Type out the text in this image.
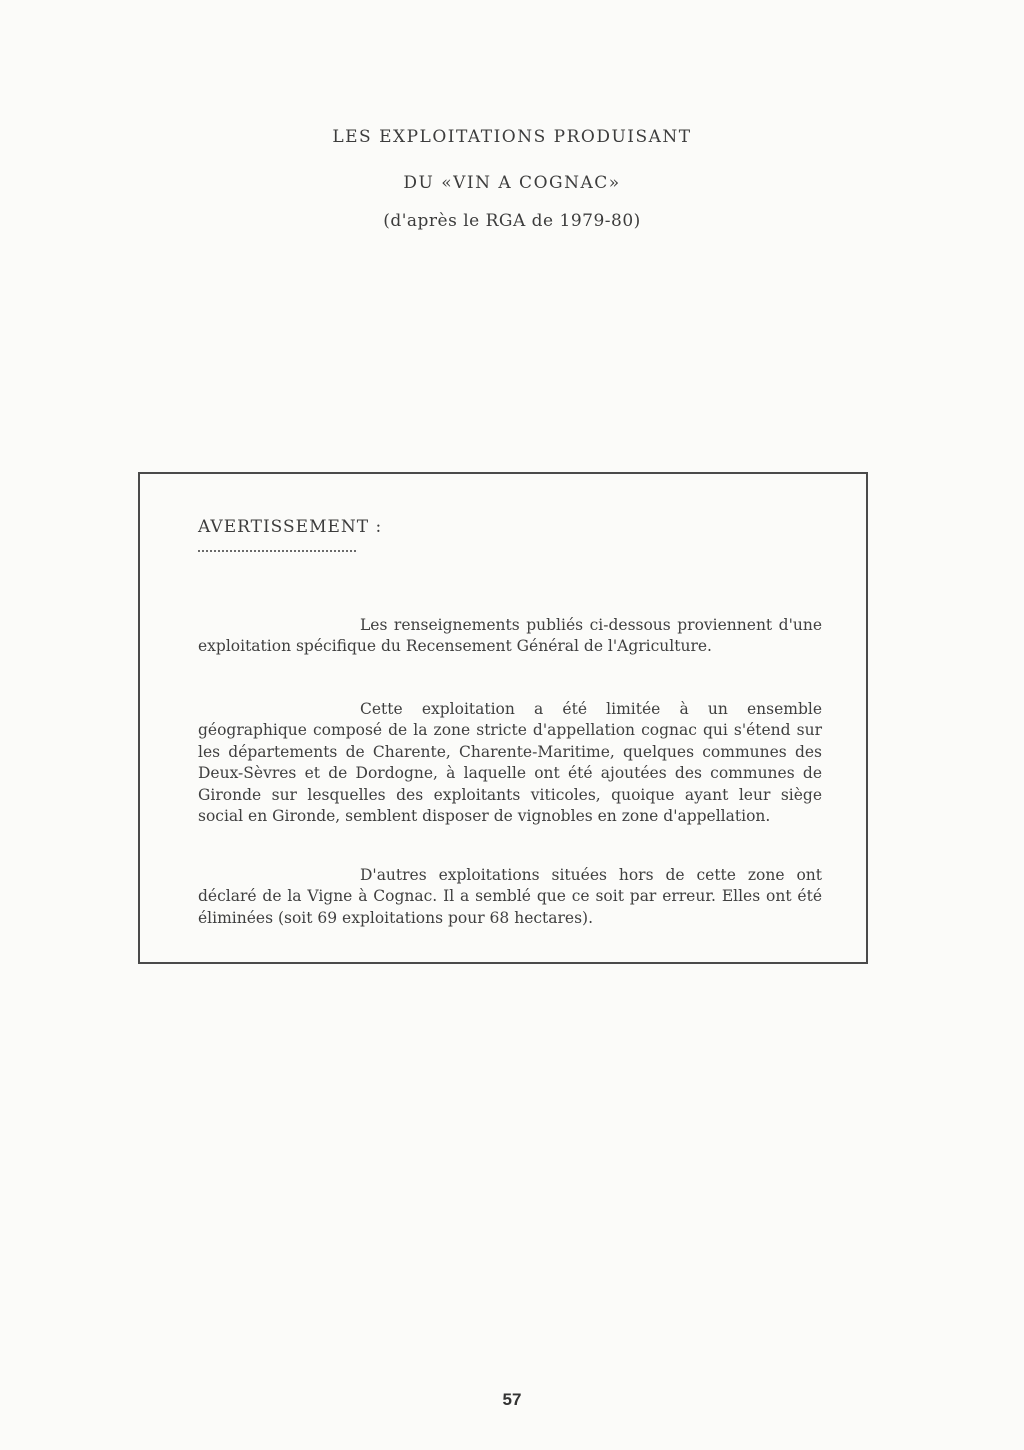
LES EXPLOITATIONS PRODUISANT
DU «VIN A COGNAC»
(d'après le RGA de 1979-80)
AVERTISSEMENT :

Les renseignements publiés ci-dessous proviennent d'une exploitation spécifique du Recensement Général de l'Agriculture.

Cette exploitation a été limitée à un ensemble géographique composé de la zone stricte d'appellation cognac qui s'étend sur les départements de Charente, Charente-Maritime, quelques communes des Deux-Sèvres et de Dordogne, à laquelle ont été ajoutées des communes de Gironde sur lesquelles des exploitants viticoles, quoique ayant leur siège social en Gironde, semblent disposer de vignobles en zone d'appellation.

D'autres exploitations situées hors de cette zone ont déclaré de la Vigne à Cognac. Il a semblé que ce soit par erreur. Elles ont été éliminées (soit 69 exploitations pour 68 hectares).

57
